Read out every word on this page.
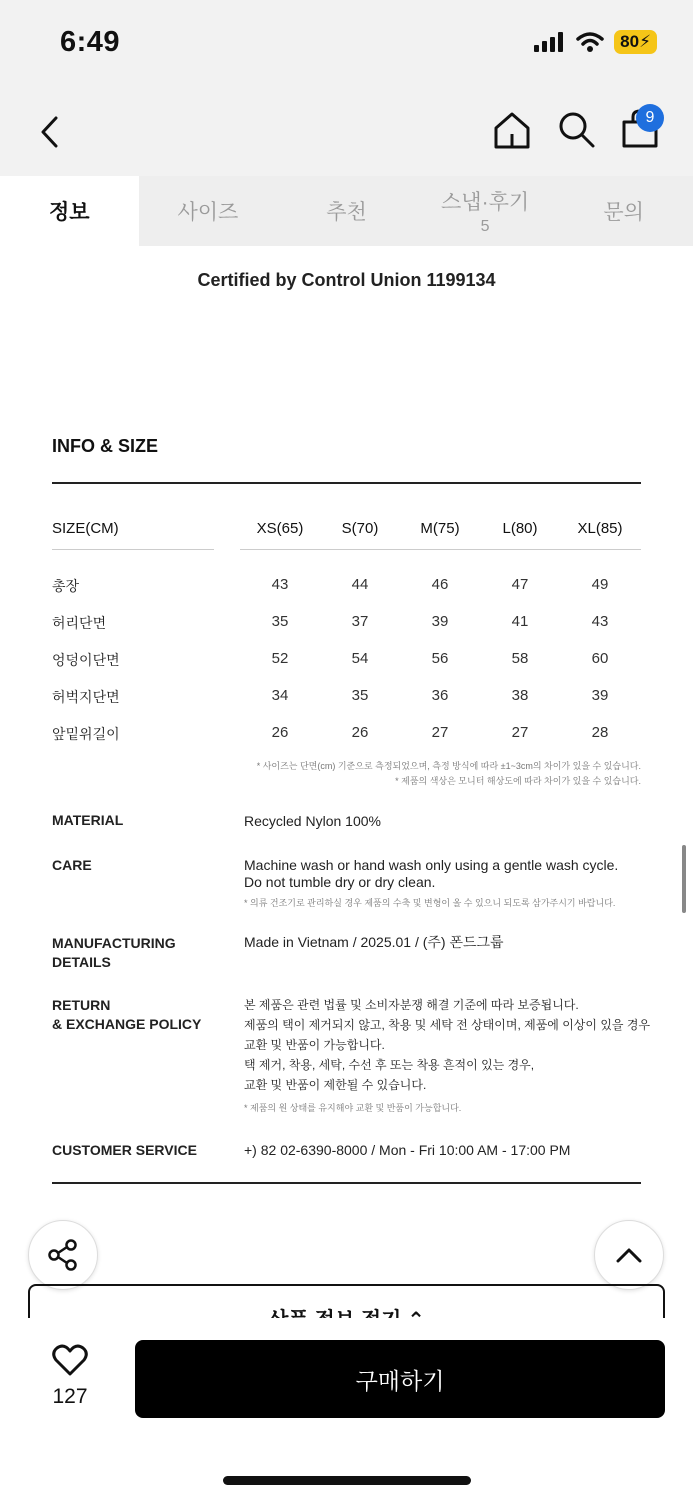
6:49	80⚡
9
정보	사이즈	추천	스냅·후기
5
문의
Certified by Control Union 1199134
INFO & SIZE
SIZE(CM)	XS(65)	S(70)	M(75)	L(80)	XL(85)
총장	43	44	46	47	49
허리단면	35	37	39	41	43
엉덩이단면	52	54	56	58	60
허벅지단면	34	35	36	38	39
앞밑위길이	26	26	27	27	28
* 사이즈는 단면(cm) 기준으로 측정되었으며, 측정 방식에 따라 ±1~3cm의 차이가 있을 수 있습니다.
* 제품의 색상은 모니터 해상도에 따라 차이가 있을 수 있습니다.
MATERIAL	Recycled Nylon 100%
CARE	Machine wash or hand wash only using a gentle wash cycle.
Do not tumble dry or dry clean.
* 의류 건조기로 관리하실 경우 제품의 수축 및 변형이 올 수 있으니 되도록 삼가주시기 바랍니다.
MANUFACTURING
DETAILS
Made in Vietnam / 2025.01 / (주) 폰드그룹
RETURN
& EXCHANGE POLICY
본 제품은 관련 법률 및 소비자분쟁 해결 기준에 따라 보증됩니다.
제품의 택이 제거되지 않고, 착용 및 세탁 전 상태이며, 제품에 이상이 있을 경우
교환 및 반품이 가능합니다.
택 제거, 착용, 세탁, 수선 후 또는 착용 흔적이 있는 경우,
교환 및 반품이 제한될 수 있습니다.
* 제품의 원 상태를 유지해야 교환 및 반품이 가능합니다.
CUSTOMER SERVICE	+) 82 02-6390-8000 / Mon - Fri 10:00 AM - 17:00 PM
127
구매하기
